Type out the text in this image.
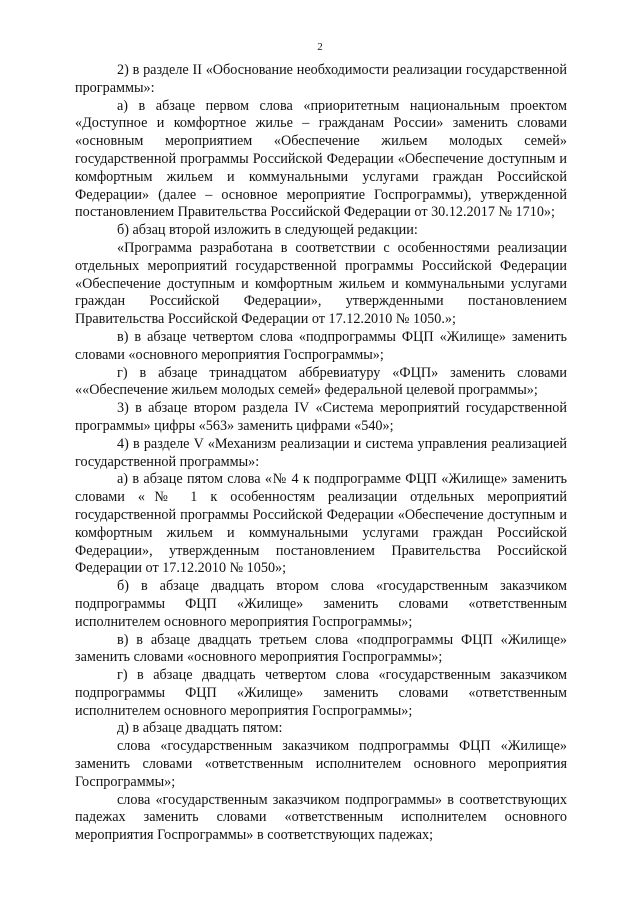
2

2) в разделе II «Обоснование необходимости реализации государственной программы»:

а) в абзаце первом слова «приоритетным национальным проектом «Доступное и комфортное жилье – гражданам России» заменить словами «основным мероприятием «Обеспечение жильем молодых семей» государственной программы Российской Федерации «Обеспечение доступным и комфортным жильем и коммунальными услугами граждан Российской Федерации» (далее – основное мероприятие Госпрограммы), утвержденной постановлением Правительства Российской Федерации от 30.12.2017 № 1710»;

б) абзац второй изложить в следующей редакции:

«Программа разработана в соответствии с особенностями реализации отдельных мероприятий государственной программы Российской Федерации «Обеспечение доступным и комфортным жильем и коммунальными услугами граждан Российской Федерации», утвержденными постановлением Правительства Российской Федерации от 17.12.2010 № 1050.»;

в) в абзаце четвертом слова «подпрограммы ФЦП «Жилище» заменить словами «основного мероприятия Госпрограммы»;

г) в абзаце тринадцатом аббревиатуру «ФЦП» заменить словами ««Обеспечение жильем молодых семей» федеральной целевой программы»;

3) в абзаце втором раздела IV «Система мероприятий государственной программы» цифры «563» заменить цифрами «540»;

4) в разделе V «Механизм реализации и система управления реализацией государственной программы»:

а) в абзаце пятом слова «№ 4 к подпрограмме ФЦП «Жилище» заменить словами «№ 1 к особенностям реализации отдельных мероприятий государственной программы Российской Федерации «Обеспечение доступным и комфортным жильем и коммунальными услугами граждан Российской Федерации», утвержденным постановлением Правительства Российской Федерации от 17.12.2010 № 1050»;

б) в абзаце двадцать втором слова «государственным заказчиком подпрограммы ФЦП «Жилище» заменить словами «ответственным исполнителем основного мероприятия Госпрограммы»;

в) в абзаце двадцать третьем слова «подпрограммы ФЦП «Жилище» заменить словами «основного мероприятия Госпрограммы»;

г) в абзаце двадцать четвертом слова «государственным заказчиком подпрограммы ФЦП «Жилище» заменить словами «ответственным исполнителем основного мероприятия Госпрограммы»;

д) в абзаце двадцать пятом:

слова «государственным заказчиком подпрограммы ФЦП «Жилище» заменить словами «ответственным исполнителем основного мероприятия Госпрограммы»;

слова «государственным заказчиком подпрограммы» в соответствующих падежах заменить словами «ответственным исполнителем основного мероприятия Госпрограммы» в соответствующих падежах;
